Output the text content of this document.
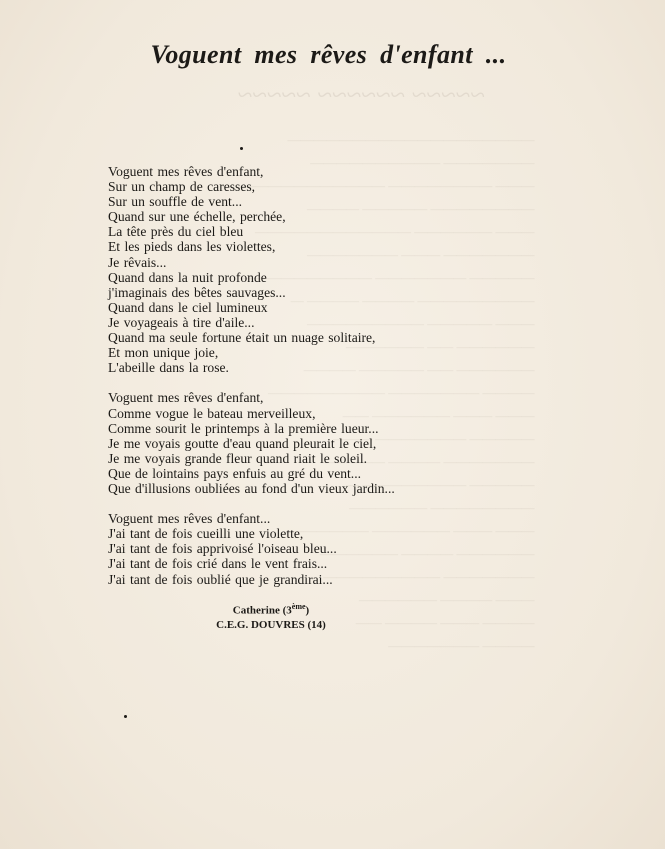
~~~~~ ~~~~~~ ~~~~~
———————————————————
——————— ——————————
——— ———————— ———————————
———————— ————— ————
——— —————— ————————————
——————— ——— ———————
————— ——————— ——————————
————————— ———— ———— —
——— ————— —————————
—————— —— ——————
—————— —— ————— ————
———— ——————— —————————
——— ——— —————— ——
————— ——————— ———
——————— ———— —————
————— ———————— —
———————— ——————
——— ——— —————— ——————
—————— ———— ——————
——————— —————————
——— ———— ——————
———— ——— ———— ——
———— ———————
Voguent mes rêves d'enfant ...
Voguent mes rêves d'enfant,
Sur un champ de caresses,
Sur un souffle de vent...
Quand sur une échelle, perchée,
La tête près du ciel bleu
Et les pieds dans les violettes,
Je rêvais...
Quand dans la nuit profonde
j'imaginais des bêtes sauvages...
Quand dans le ciel lumineux
Je voyageais à tire d'aile...
Quand ma seule fortune était un nuage solitaire,
Et mon unique joie,
L'abeille dans la rose.
Voguent mes rêves d'enfant,
Comme vogue le bateau merveilleux,
Comme sourit le printemps à la première lueur...
Je me voyais goutte d'eau quand pleurait le ciel,
Je me voyais grande fleur quand riait le soleil.
Que de lointains pays enfuis au gré du vent...
Que d'illusions oubliées au fond d'un vieux jardin...
Voguent mes rêves d'enfant...
J'ai tant de fois cueilli une violette,
J'ai tant de fois apprivoisé l'oiseau bleu...
J'ai tant de fois crié dans le vent frais...
J'ai tant de fois oublié que je grandirai...
Catherine (3ème)
C.E.G. DOUVRES (14)
